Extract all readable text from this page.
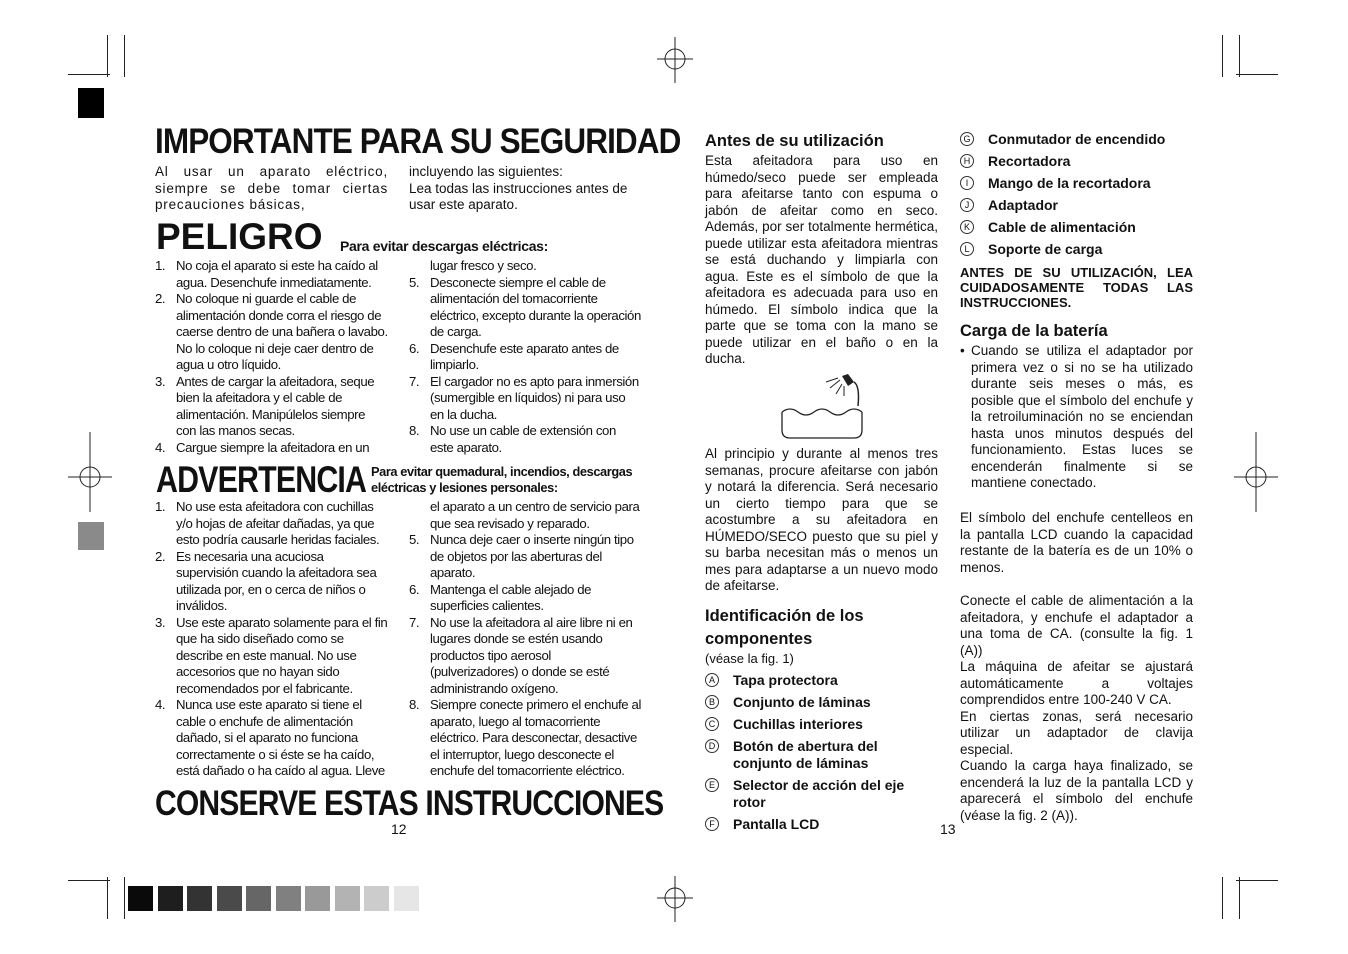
IMPORTANTE PARA SU SEGURIDAD
Al usar un aparato eléctrico, siempre se debe tomar ciertas precauciones básicas,
incluyendo las siguientes:
Lea todas las instrucciones antes de usar este aparato.
PELIGRO Para evitar descargas eléctricas:
1. No coja el aparato si este ha caído al agua. Desenchufe inmediatamente.
2. No coloque ni guarde el cable de alimentación donde corra el riesgo de caerse dentro de una bañera o lavabo. No lo coloque ni deje caer dentro de agua u otro líquido.
3. Antes de cargar la afeitadora, seque bien la afeitadora y el cable de alimentación. Manipúlelos siempre con las manos secas.
4. Cargue siempre la afeitadora en un
lugar fresco y seco.
5. Desconecte siempre el cable de alimentación del tomacorriente eléctrico, excepto durante la operación de carga.
6. Desenchufe este aparato antes de limpiarlo.
7. El cargador no es apto para inmersión (sumergible en líquidos) ni para uso en la ducha.
8. No use un cable de extensión con este aparato.
ADVERTENCIA Para evitar quemadural, incendios, descargas eléctricas y lesiones personales:
1. No use esta afeitadora con cuchillas y/o hojas de afeitar dañadas, ya que esto podría causarle heridas faciales.
2. Es necesaria una acuciosa supervisión cuando la afeitadora sea utilizada por, en o cerca de niños o inválidos.
3. Use este aparato solamente para el fin que ha sido diseñado como se describe en este manual. No use accesorios que no hayan sido recomendados por el fabricante.
4. Nunca use este aparato si tiene el cable o enchufe de alimentación dañado, si el aparato no funciona correctamente o si éste se ha caído, está dañado o ha caído al agua. Lleve
el aparato a un centro de servicio para que sea revisado y reparado.
5. Nunca deje caer o inserte ningún tipo de objetos por las aberturas del aparato.
6. Mantenga el cable alejado de superficies calientes.
7. No use la afeitadora al aire libre ni en lugares donde se estén usando productos tipo aerosol (pulverizadores) o donde se esté administrando oxígeno.
8. Siempre conecte primero el enchufe al aparato, luego al tomacorriente eléctrico. Para desconectar, desactive el interruptor, luego desconecte el enchufe del tomacorriente eléctrico.
CONSERVE ESTAS INSTRUCCIONES
12
Antes de su utilización
Esta afeitadora para uso en húmedo/seco puede ser empleada para afeitarse tanto con espuma o jabón de afeitar como en seco. Además, por ser totalmente hermética, puede utilizar esta afeitadora mientras se está duchando y limpiarla con agua. Este es el símbolo de que la afeitadora es adecuada para uso en húmedo. El símbolo indica que la parte que se toma con la mano se puede utilizar en el baño o en la ducha.
Al principio y durante al menos tres semanas, procure afeitarse con jabón y notará la diferencia. Será necesario un cierto tiempo para que se acostumbre a su afeitadora en HÚMEDO/SECO puesto que su piel y su barba necesitan más o menos un mes para adaptarse a un nuevo modo de afeitarse.
Identificación de los componentes
(véase la fig. 1)
A Tapa protectora
B Conjunto de láminas
C Cuchillas interiores
D Botón de abertura del conjunto de láminas
E Selector de acción del eje rotor
F	Pantalla LCD	13
G Conmutador de encendido
H Recortadora
I	Mango de la recortadora
J	Adaptador
K Cable de alimentación
L	Soporte de carga
ANTES DE SU UTILIZACIÓN, LEA CUIDADOSAMENTE TODAS LAS INSTRUCCIONES.
Carga de la batería
• Cuando se utiliza el adaptador por primera vez o si no se ha utilizado durante seis meses o más, es posible que el símbolo del enchufe y la retroiluminación no se enciendan hasta unos minutos después del funcionamiento. Estas luces se encenderán finalmente si se mantiene conectado.
El símbolo del enchufe centelleos en la pantalla LCD cuando la capacidad restante de la batería es de un 10% o menos.
Conecte el cable de alimentación a la afeitadora, y enchufe el adaptador a una toma de CA. (consulte la fig. 1 (A))
La máquina de afeitar se ajustará automáticamente a voltajes comprendidos entre 100-240 V CA.
En ciertas zonas, será necesario utilizar un adaptador de clavija especial.
Cuando la carga haya finalizado, se encenderá la luz de la pantalla LCD y aparecerá el símbolo del enchufe (véase la fig. 2 (A)).
